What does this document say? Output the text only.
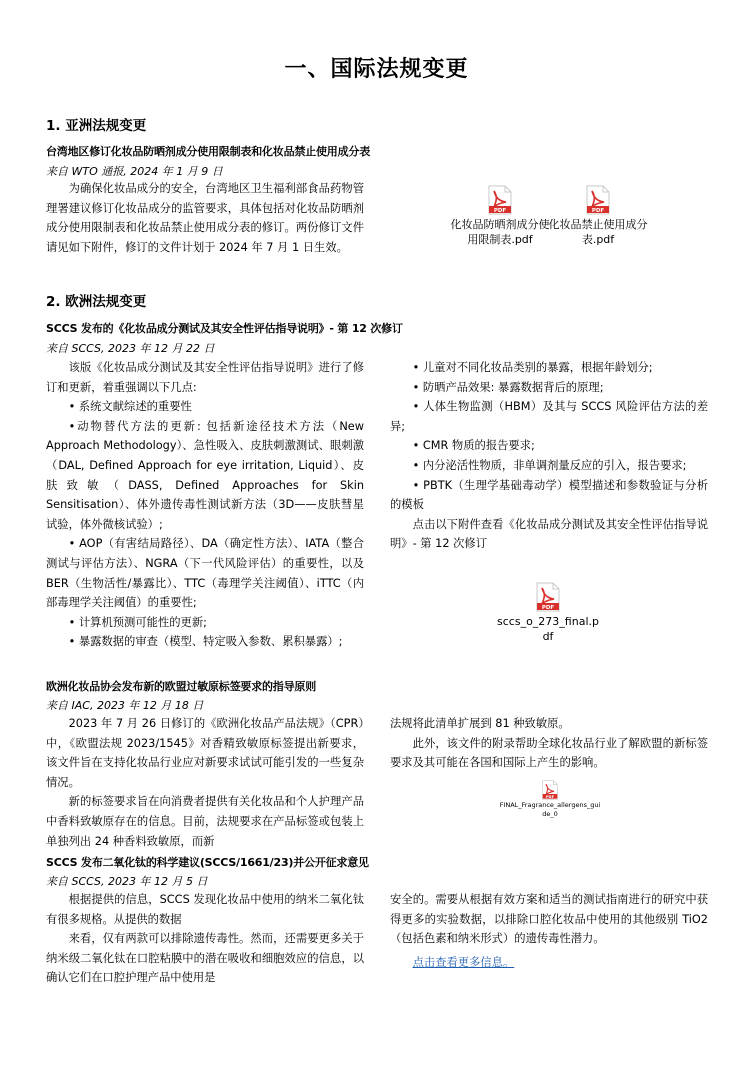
一、国际法规变更
1. 亚洲法规变更
台湾地区修订化妆品防晒剂成分使用限制表和化妆品禁止使用成分表
来自 WTO 通报, 2024 年 1 月 9 日

为确保化妆品成分的安全，台湾地区卫生福利部食品药物管理署建议修订化妆品成分的监管要求，具体包括对化妆品防晒剂成分使用限制表和化妆品禁止使用成分表的修订。两份修订文件请见如下附件，修订的文件计划于 2024 年 7 月 1 日生效。

化妆品防晒剂成分使用限制表.pdf
化妆品禁止使用成分表.pdf
2. 欧洲法规变更
SCCS 发布的《化妆品成分测试及其安全性评估指导说明》- 第 12 次修订
来自 SCCS, 2023 年 12 月 22 日

该版《化妆品成分测试及其安全性评估指导说明》进行了修订和更新，着重强调以下几点:

• 系统文献综述的重要性

•动物替代方法的更新: 包括新途径技术方法（New Approach Methodology）、急性吸入、皮肤刺激测试、眼刺激（DAL, Defined Approach for eye irritation, Liquid）、皮肤致敏（DASS, Defined Approaches for Skin Sensitisation）、体外遗传毒性测试新方法（3D——皮肤彗星试验，体外微核试验）;

• AOP（有害结局路径）、DA（确定性方法）、IATA（整合测试与评估方法）、NGRA（下一代风险评估）的重要性，以及 BER（生物活性/暴露比）、TTC（毒理学关注阈值）、iTTC（内部毒理学关注阈值）的重要性;

• 计算机预测可能性的更新;

• 暴露数据的审查（模型、特定吸入参数、累积暴露）;

• 儿童对不同化妆品类别的暴露，根据年龄划分;

• 防晒产品效果: 暴露数据背后的原理;

• 人体生物监测（HBM）及其与 SCCS 风险评估方法的差异;

• CMR 物质的报告要求;

• 内分泌活性物质，非单调剂量反应的引入，报告要求;

• PBTK（生理学基础毒动学）模型描述和参数验证与分析的模板

点击以下附件查看《化妆品成分测试及其安全性评估指导说明》- 第 12 次修订

sccs_o_273_final.pdf
欧洲化妆品协会发布新的欧盟过敏原标签要求的指导原则
来自 IAC, 2023 年 12 月 18 日

2023 年 7 月 26 日修订的《欧洲化妆品产品法规》（CPR）中，《欧盟法规 2023/1545》对香精致敏原标签提出新要求，该文件旨在支持化妆品行业应对新要求试试可能引发的一些复杂情况。

新的标签要求旨在向消费者提供有关化妆品和个人护理产品中香料致敏原存在的信息。目前，法规要求在产品标签或包装上单独列出 24 种香料致敏原，而新

法规将此清单扩展到 81 种致敏原。

此外，该文件的附录帮助全球化妆品行业了解欧盟的新标签要求及其可能在各国和国际上产生的影响。

FINAL_Fragrance_allergens_guide_0
SCCS 发布二氧化钛的科学建议(SCCS/1661/23)并公开征求意见
来自 SCCS, 2023 年 12 月 5 日

根据提供的信息，SCCS 发现化妆品中使用的纳米二氧化钛有很多规格。从提供的数据

来看，仅有两款可以排除遗传毒性。然而，还需要更多关于纳米级二氧化钛在口腔粘膜中的潜在吸收和细胞效应的信息，以确认它们在口腔护理产品中使用是

安全的。需要从根据有效方案和适当的测试指南进行的研究中获得更多的实验数据，以排除口腔化妆品中使用的其他级别 TiO2（包括色素和纳米形式）的遗传毒性潜力。

点击查看更多信息。
